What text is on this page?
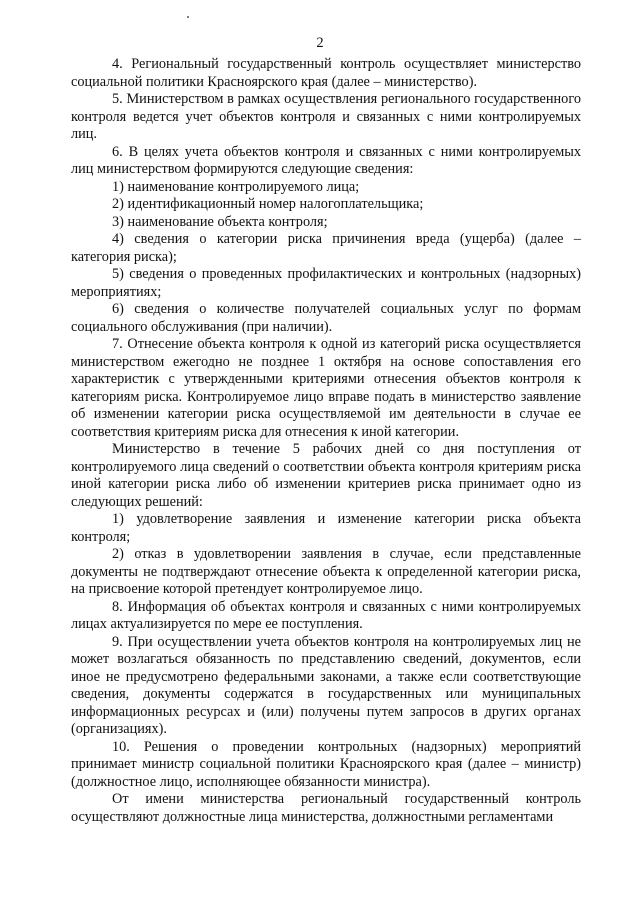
2

4. Региональный государственный контроль осуществляет министерство социальной политики Красноярского края (далее – министерство).

5. Министерством в рамках осуществления регионального государственного контроля ведется учет объектов контроля и связанных с ними контролируемых лиц.

6. В целях учета объектов контроля и связанных с ними контролируемых лиц министерством формируются следующие сведения:

1) наименование контролируемого лица;

2) идентификационный номер налогоплательщика;

3) наименование объекта контроля;

4) сведения о категории риска причинения вреда (ущерба) (далее – категория риска);

5) сведения о проведенных профилактических и контрольных (надзорных) мероприятиях;

6) сведения о количестве получателей социальных услуг по формам социального обслуживания (при наличии).

7. Отнесение объекта контроля к одной из категорий риска осуществляется министерством ежегодно не позднее 1 октября на основе сопоставления его характеристик с утвержденными критериями отнесения объектов контроля к категориям риска. Контролируемое лицо вправе подать в министерство заявление об изменении категории риска осуществляемой им деятельности в случае ее соответствия критериям риска для отнесения к иной категории.

Министерство в течение 5 рабочих дней со дня поступления от контролируемого лица сведений о соответствии объекта контроля критериям риска иной категории риска либо об изменении критериев риска принимает одно из следующих решений:

1) удовлетворение заявления и изменение категории риска объекта контроля;

2) отказ в удовлетворении заявления в случае, если представленные документы не подтверждают отнесение объекта к определенной категории риска, на присвоение которой претендует контролируемое лицо.

8. Информация об объектах контроля и связанных с ними контролируемых лицах актуализируется по мере ее поступления.

9. При осуществлении учета объектов контроля на контролируемых лиц не может возлагаться обязанность по представлению сведений, документов, если иное не предусмотрено федеральными законами, а также если соответствующие сведения, документы содержатся в государственных или муниципальных информационных ресурсах и (или) получены путем запросов в других органах (организациях).

10. Решения о проведении контрольных (надзорных) мероприятий принимает министр социальной политики Красноярского края (далее – министр) (должностное лицо, исполняющее обязанности министра).

От имени министерства региональный государственный контроль осуществляют должностные лица министерства, должностными регламентами
